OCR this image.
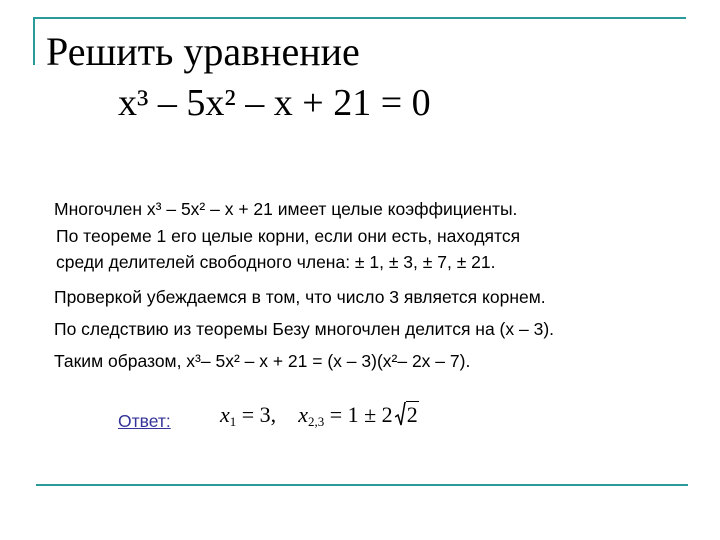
Решить уравнение
x³ – 5x² – x + 21 = 0
Многочлен x³ – 5x² – x + 21 имеет целые коэффициенты.
По теореме 1 его целые корни, если они есть, находятся
среди делителей свободного члена: ± 1, ± 3, ± 7, ± 21.
Проверкой убеждаемся в том, что число 3 является корнем.
По следствию из теоремы Безу многочлен делится на (x – 3).
Таким образом, x³– 5x² – x + 21 = (x – 3)(x²– 2x – 7).
Ответ: $x_1 = 3$, $x_{2,3} = 1 \pm 2$ 2
